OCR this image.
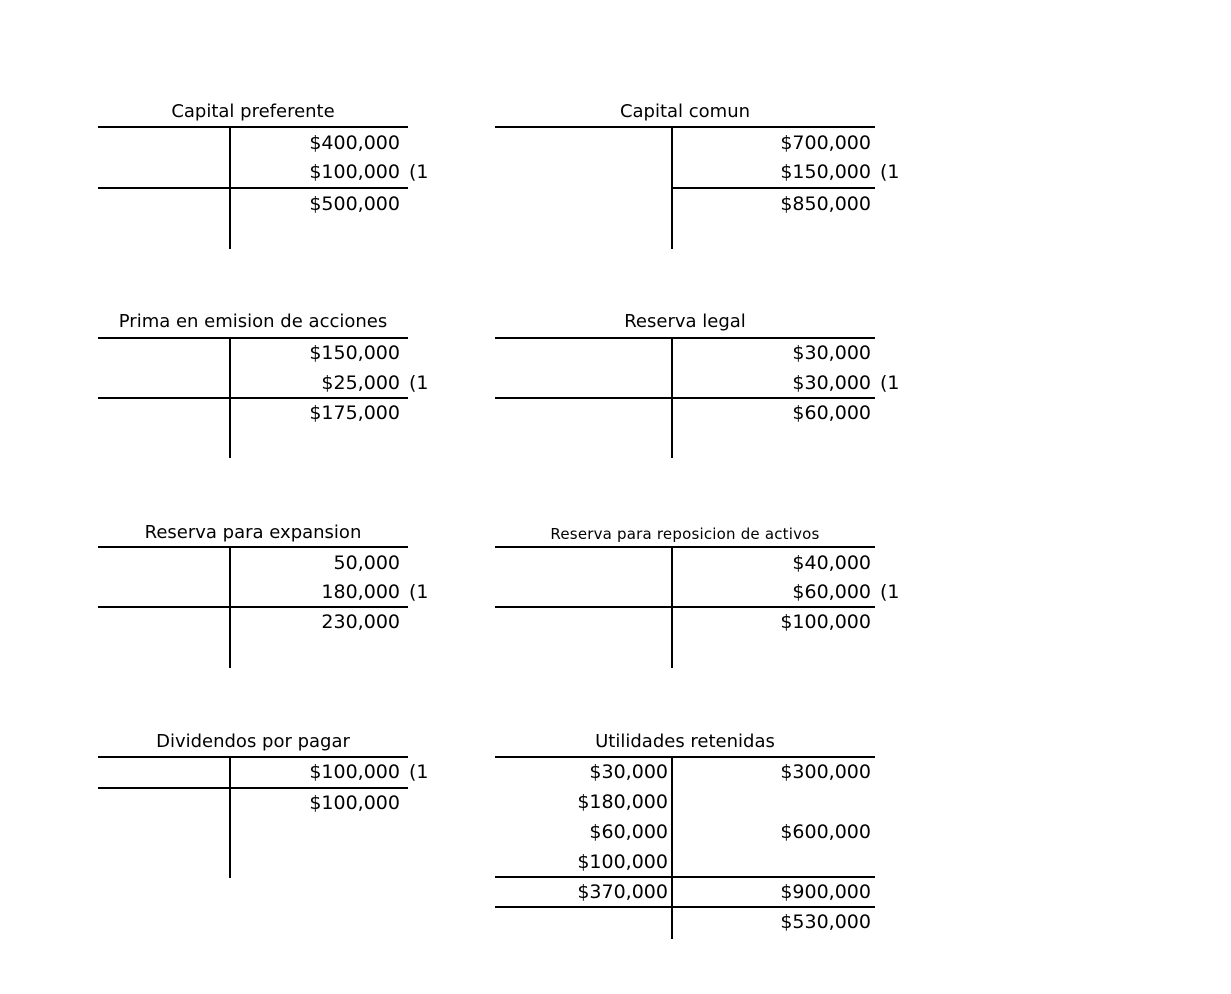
Capital preferente
$400,000
$100,000 (1
$500,000
Capital comun
$700,000
$150,000 (1
$850,000
Prima en emision de acciones
$150,000
$25,000 (1
$175,000
Reserva legal
$30,000
$30,000 (1
$60,000
Reserva para expansion
50,000
180,000 (1
230,000
Reserva para reposicion de activos
$40,000
$60,000 (1
$100,000
Dividendos por pagar
$100,000 (1
$100,000
Utilidades retenidas
$30,000
$180,000
$60,000
$100,000
$300,000
$600,000
$370,000	$900,000
$530,000
